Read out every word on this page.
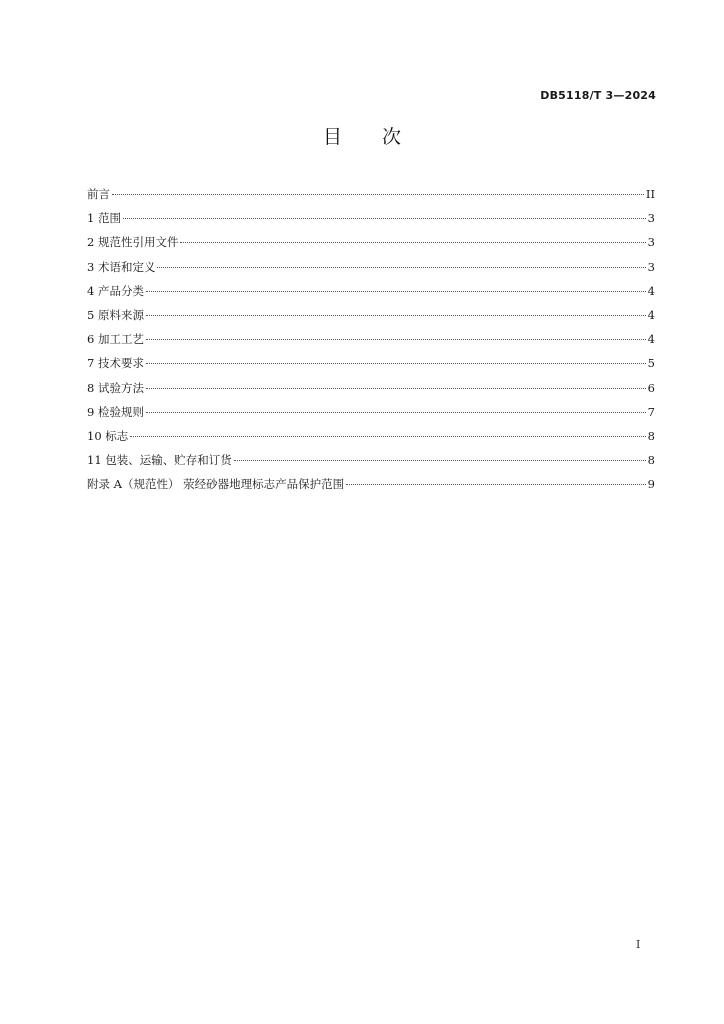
DB5118/T 3—2024
目次
前言	II
1 范围	3
2 规范性引用文件	3
3 术语和定义	3
4 产品分类	4
5 原料来源	4
6 加工工艺	4
7 技术要求	5
8 试验方法	6
9 检验规则	7
10 标志	8
11 包装、运输、贮存和订货	8
附录 A（规范性） 荥经砂器地理标志产品保护范围	9
I
